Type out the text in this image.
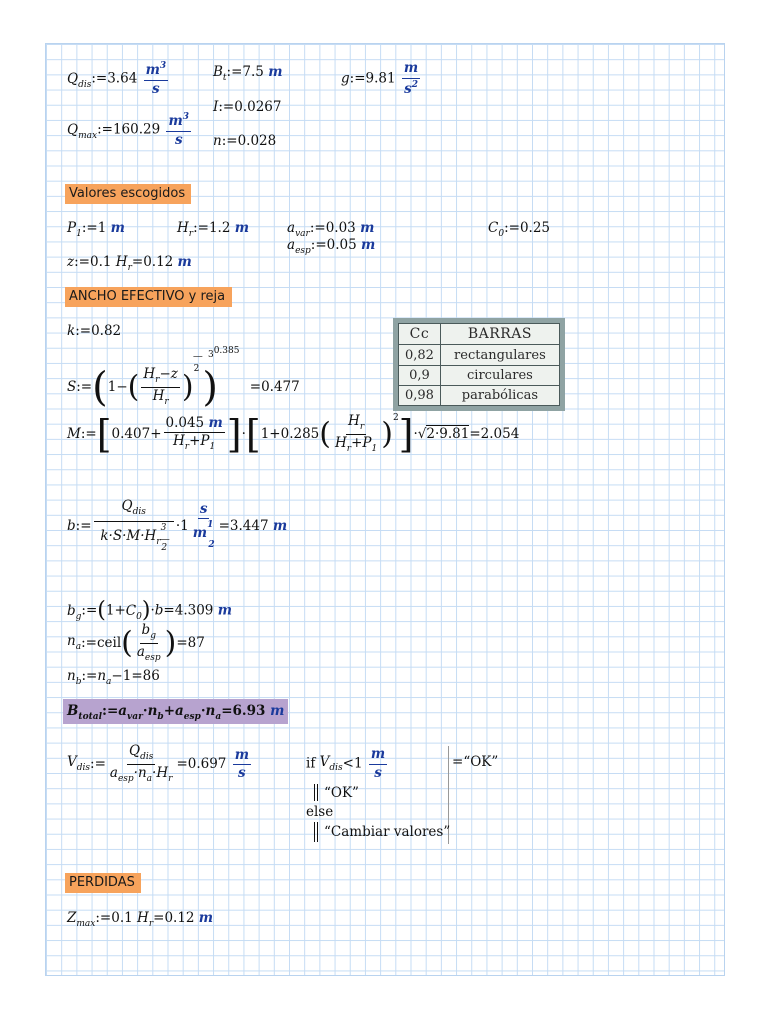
$Q_{dis}:=3.64 \frac{m^3}{s}$	$B_t:=7.5$ m	g:=9.81 $\frac{m}{s^2}$
I:=0.0267
$Q_{max}:=160.29 \frac{m^3}{s}$ n:=0.028
Valores escogidos
$P_1:=1$ m	$H_r:=1.2$ m	$a_{var}:=0.03$ m
$a_{esp}:=0.05$ m
$C_0:=0.25$
z:=0.1 $H_r=0.12$ m
ANCHO EFECTIVO y reja
k:=0.82
S:=(1−( $\frac{H_r-z}{H_r} )^{2―})^{30.385} =0.477$
M:=[0.407+ $\frac{0.045 m}{H_r+P_1} ]\cdot[1+0.285( \frac{H_r}{H_r+P_1} )^2]\cdot√2\cdot 9.81=2.054$
Cc	BARRAS
0,82	rectangulares
0,9	circulares
0,98	parabólicas
b:= $\frac{Q_{dis}}{k\cdot S\cdot M\cdot H_r^3_{―2}} \cdot 1 \frac{s}{m^1_2} =3.447$ m
$b_g:=(1+C_0)\cdot b=4.309$ m
$n_a:=ceil( \frac{b_g}{a_{esp}} )=87$
$n_b:=n_a-1=86$
$B_{total}:=a_{var}\cdot n_b+a_{esp}\cdot n_a=6.93$ m
$V_{dis}:= \frac{Q_{dis}}{a_{esp}\cdot n_a\cdot H_r} =0.697 \frac{m}{s}$	if $V_{dis}<1 \frac{m}{s}$	=“OK”
“OK”
else
“Cambiar valores”
PERDIDAS
$Z_{max}:=0.1$ $H_r=0.12$ m
